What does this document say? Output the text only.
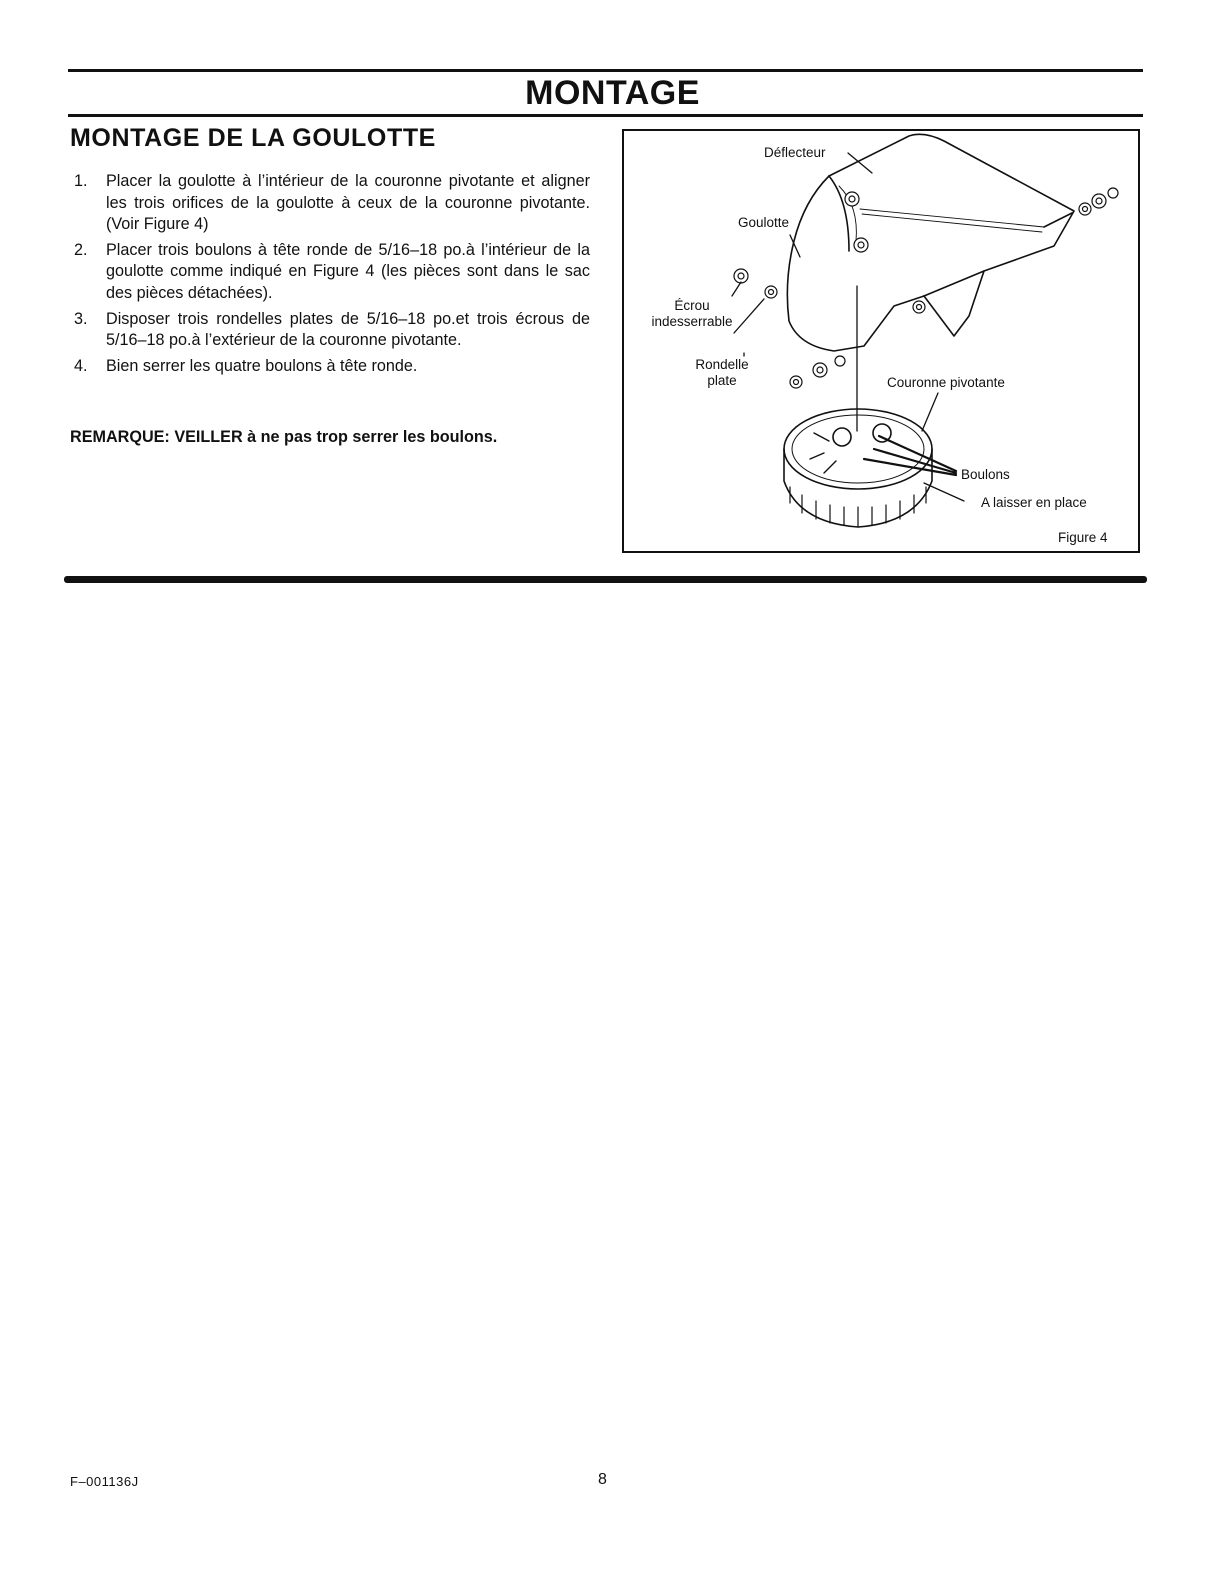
MONTAGE
MONTAGE DE LA GOULOTTE
1. Placer la goulotte à l’intérieur de la couronne pivotante et aligner les trois orifices de la goulotte à ceux de la couronne pivotante. (Voir Figure 4)
2. Placer trois boulons à tête ronde de 5/16–18 po.à l’intérieur de la goulotte comme indiqué en Figure 4 (les pièces sont dans le sac des pièces détachées).
3. Disposer trois rondelles plates de 5/16–18 po.et trois écrous de 5/16–18 po.à l’extérieur de la couronne pivotante.
4. Bien serrer les quatre boulons à tête ronde.
REMARQUE: VEILLER à ne pas trop serrer les boulons.
Déflecteur
Goulotte
Écrou
indesserrable
Rondelle
plate	Couronne pivotante
Boulons
A laisser en place
Figure 4
F–001136J	8
